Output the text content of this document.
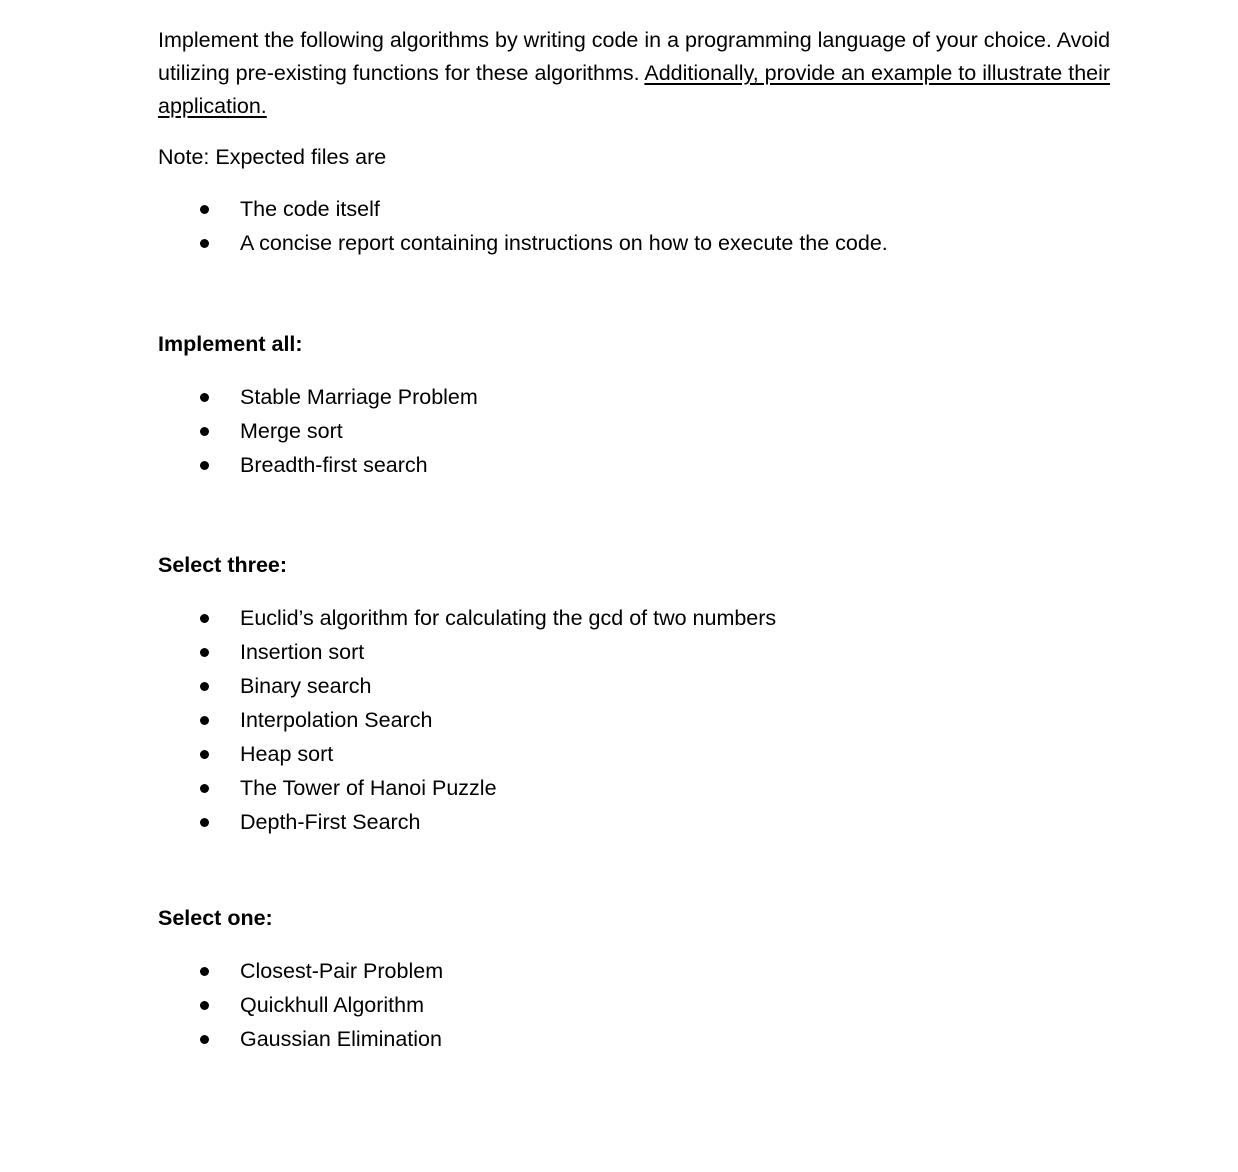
Implement the following algorithms by writing code in a programming language of your choice. Avoid utilizing pre-existing functions for these algorithms. Additionally, provide an example to illustrate their application.

Note: Expected files are

The code itself
A concise report containing instructions on how to execute the code.

Implement all:

Stable Marriage Problem
Merge sort
Breadth-first search

Select three:

Euclid’s algorithm for calculating the gcd of two numbers
Insertion sort
Binary search
Interpolation Search
Heap sort
The Tower of Hanoi Puzzle
Depth-First Search

Select one:

Closest-Pair Problem
Quickhull Algorithm
Gaussian Elimination
